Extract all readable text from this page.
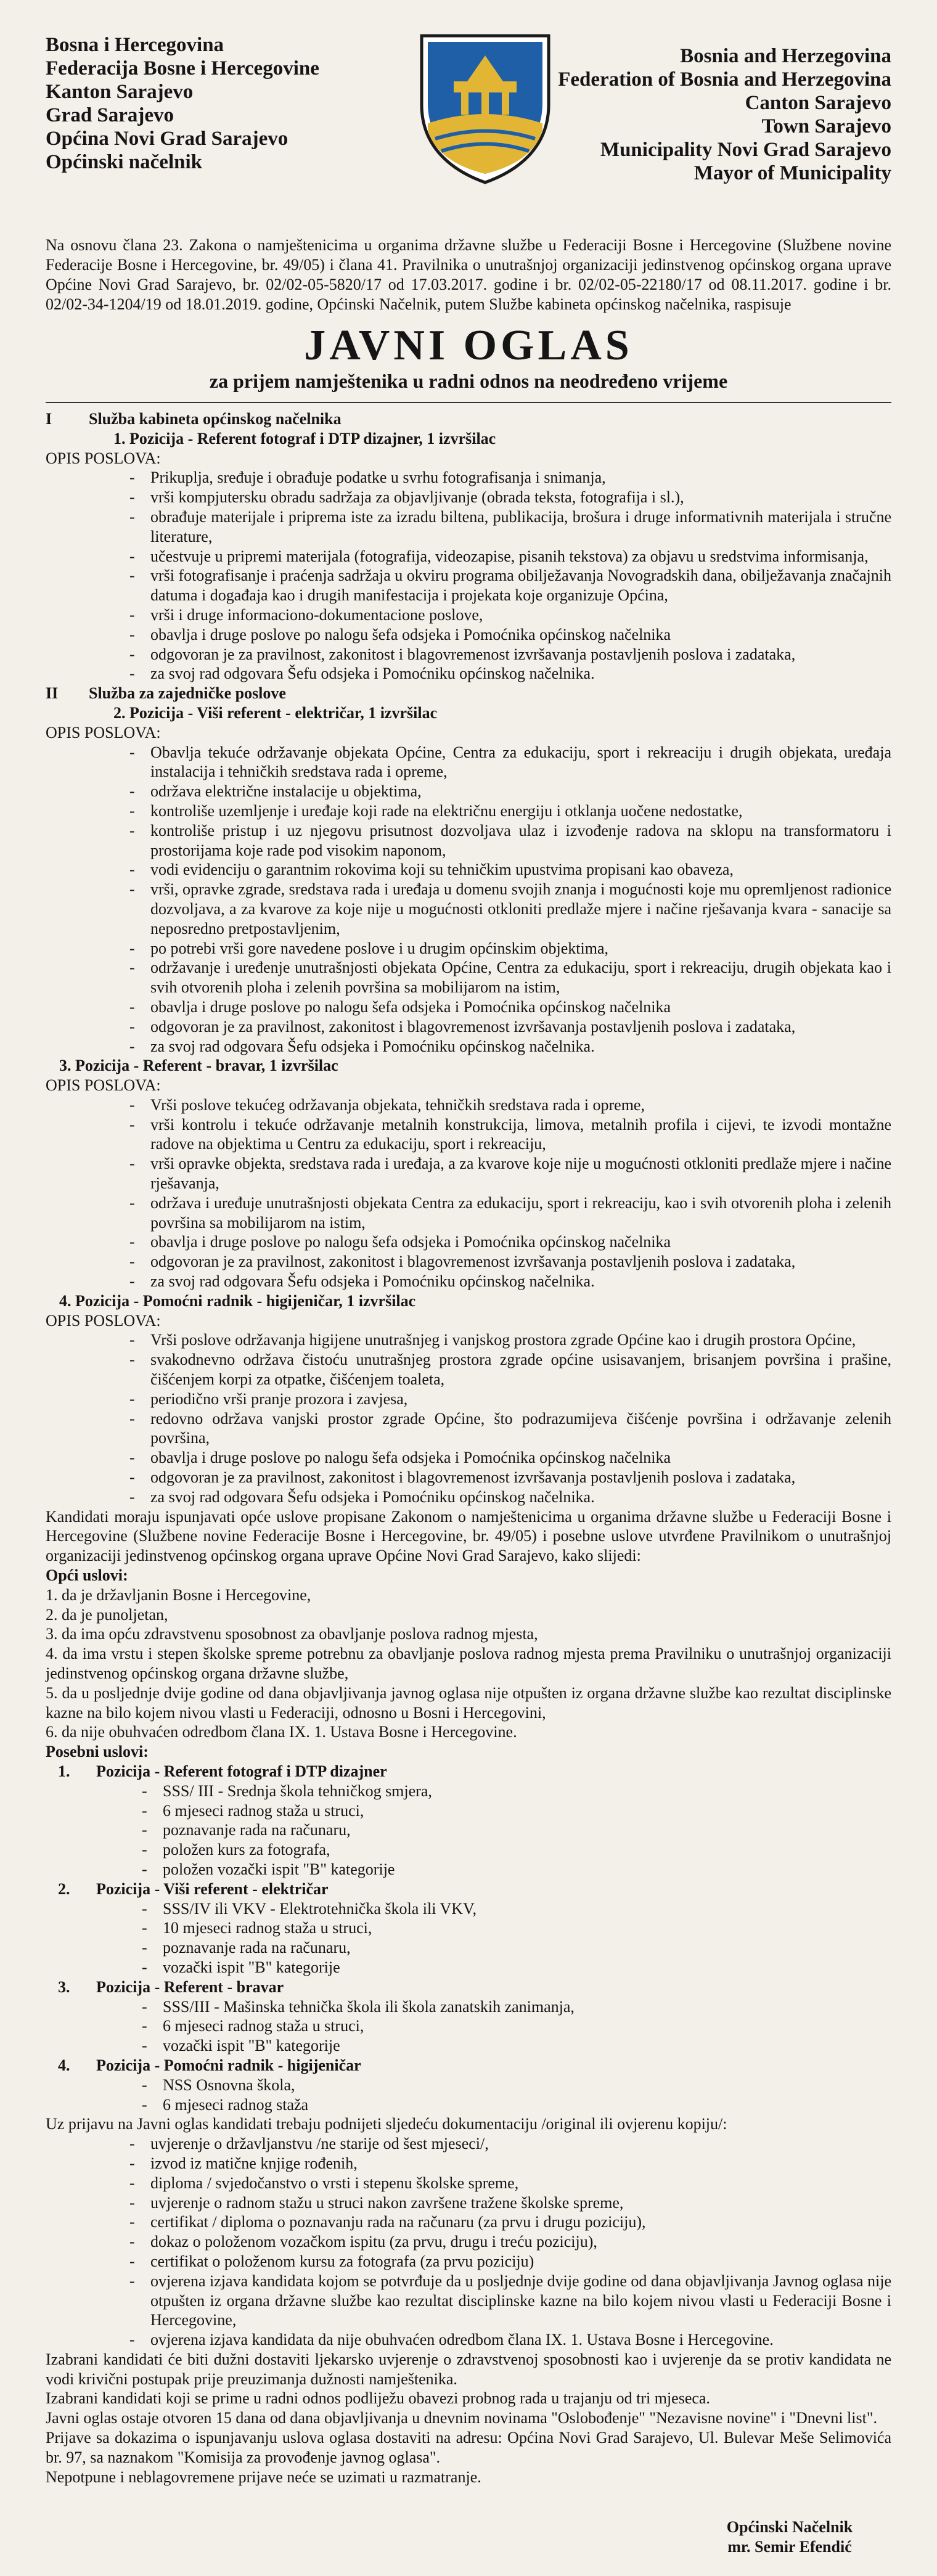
Bosna i Hercegovina
Federacija Bosne i Hercegovine
Kanton Sarajevo
Grad Sarajevo
Općina Novi Grad Sarajevo
Općinski načelnik
Bosnia and Herzegovina
Federation of Bosnia and Herzegovina
Canton Sarajevo
Town Sarajevo
Municipality Novi Grad Sarajevo
Mayor of Municipality
Na osnovu člana 23. Zakona o namještenicima u organima državne službe u Federaciji Bosne i Hercegovine (Službene novine Federacije Bosne i Hercegovine, br. 49/05) i člana 41. Pravilnika o unutrašnjoj organizaciji jedinstvenog općinskog organa uprave Općine Novi Grad Sarajevo, br. 02/02-05-5820/17 od 17.03.2017. godine i br. 02/02-05-22180/17 od 08.11.2017. godine i br. 02/02-34-1204/19 od 18.01.2019. godine, Općinski Načelnik, putem Službe kabineta općinskog načelnika, raspisuje
JAVNI OGLAS
za prijem namještenika u radni odnos na neodređeno vrijeme
I	Služba kabineta općinskog načelnika
1. Pozicija - Referent fotograf i DTP dizajner, 1 izvršilac
OPIS POSLOVA:
- Prikuplja, sređuje i obrađuje podatke u svrhu fotografisanja i snimanja,
- vrši kompjutersku obradu sadržaja za objavljivanje (obrada teksta, fotografija i sl.),
- obrađuje materijale i priprema iste za izradu biltena, publikacija, brošura i druge informativnih materijala i stručne literature,
- učestvuje u pripremi materijala (fotografija, videozapise, pisanih tekstova) za objavu u sredstvima informisanja,
- vrši fotografisanje i praćenja sadržaja u okviru programa obilježavanja Novogradskih dana, obilježavanja značajnih datuma i događaja kao i drugih manifestacija i projekata koje organizuje Općina,
- vrši i druge informaciono-dokumentacione poslove,
- obavlja i druge poslove po nalogu šefa odsjeka i Pomoćnika općinskog načelnika
- odgovoran je za pravilnost, zakonitost i blagovremenost izvršavanja postavljenih poslova i zadataka,
- za svoj rad odgovara Šefu odsjeka i Pomoćniku općinskog načelnika.
II	Služba za zajedničke poslove
2. Pozicija - Viši referent - električar, 1 izvršilac
OPIS POSLOVA:
- Obavlja tekuće održavanje objekata Općine, Centra za edukaciju, sport i rekreaciju i drugih objekata, uređaja instalacija i tehničkih sredstava rada i opreme,
- održava električne instalacije u objektima,
- kontroliše uzemljenje i uređaje koji rade na električnu energiju i otklanja uočene nedostatke,
- kontroliše pristup i uz njegovu prisutnost dozvoljava ulaz i izvođenje radova na sklopu na transformatoru i prostorijama koje rade pod visokim naponom,
- vodi evidenciju o garantnim rokovima koji su tehničkim upustvima propisani kao obaveza,
- vrši, opravke zgrade, sredstava rada i uređaja u domenu svojih znanja i mogućnosti koje mu opremljenost radionice dozvoljava, a za kvarove za koje nije u mogućnosti otkloniti predlaže mjere i načine rješavanja kvara - sanacije sa neposredno pretpostavljenim,
- po potrebi vrši gore navedene poslove i u drugim općinskim objektima,
- održavanje i uređenje unutrašnjosti objekata Općine, Centra za edukaciju, sport i rekreaciju, drugih objekata kao i svih otvorenih ploha i zelenih površina sa mobilijarom na istim,
- obavlja i druge poslove po nalogu šefa odsjeka i Pomoćnika općinskog načelnika
- odgovoran je za pravilnost, zakonitost i blagovremenost izvršavanja postavljenih poslova i zadataka,
- za svoj rad odgovara Šefu odsjeka i Pomoćniku općinskog načelnika.
3. Pozicija - Referent - bravar, 1 izvršilac
OPIS POSLOVA:
- Vrši poslove tekućeg održavanja objekata, tehničkih sredstava rada i opreme,
- vrši kontrolu i tekuće održavanje metalnih konstrukcija, limova, metalnih profila i cijevi, te izvodi montažne radove na objektima u Centru za edukaciju, sport i rekreaciju,
- vrši opravke objekta, sredstava rada i uređaja, a za kvarove koje nije u mogućnosti otkloniti predlaže mjere i načine rješavanja,
- održava i uređuje unutrašnjosti objekata Centra za edukaciju, sport i rekreaciju, kao i svih otvorenih ploha i zelenih površina sa mobilijarom na istim,
- obavlja i druge poslove po nalogu šefa odsjeka i Pomoćnika općinskog načelnika
- odgovoran je za pravilnost, zakonitost i blagovremenost izvršavanja postavljenih poslova i zadataka,
- za svoj rad odgovara Šefu odsjeka i Pomoćniku općinskog načelnika.
4. Pozicija - Pomoćni radnik - higijeničar, 1 izvršilac
OPIS POSLOVA:
- Vrši poslove održavanja higijene unutrašnjeg i vanjskog prostora zgrade Općine kao i drugih prostora Općine,
- svakodnevno održava čistoću unutrašnjeg prostora zgrade općine usisavanjem, brisanjem površina i prašine, čišćenjem korpi za otpatke, čišćenjem toaleta,
- periodično vrši pranje prozora i zavjesa,
- redovno održava vanjski prostor zgrade Općine, što podrazumijeva čišćenje površina i održavanje zelenih površina,
- obavlja i druge poslove po nalogu šefa odsjeka i Pomoćnika općinskog načelnika
- odgovoran je za pravilnost, zakonitost i blagovremenost izvršavanja postavljenih poslova i zadataka,
- za svoj rad odgovara Šefu odsjeka i Pomoćniku općinskog načelnika.
Kandidati moraju ispunjavati opće uslove propisane Zakonom o namještenicima u organima državne službe u Federaciji Bosne i Hercegovine (Službene novine Federacije Bosne i Hercegovine, br. 49/05) i posebne uslove utvrđene Pravilnikom o unutrašnjoj organizaciji jedinstvenog općinskog organa uprave Općine Novi Grad Sarajevo, kako slijedi:
Opći uslovi:
1. da je državljanin Bosne i Hercegovine,
2. da je punoljetan,
3. da ima opću zdravstvenu sposobnost za obavljanje poslova radnog mjesta,
4. da ima vrstu i stepen školske spreme potrebnu za obavljanje poslova radnog mjesta prema Pravilniku o unutrašnjoj organizaciji jedinstvenog općinskog organa državne službe,
5. da u posljednje dvije godine od dana objavljivanja javnog oglasa nije otpušten iz organa državne službe kao rezultat disciplinske kazne na bilo kojem nivou vlasti u Federaciji, odnosno u Bosni i Hercegovini,
6. da nije obuhvaćen odredbom člana IX. 1. Ustava Bosne i Hercegovine.
Posebni uslovi:
1.	Pozicija - Referent fotograf i DTP dizajner
- SSS/ III - Srednja škola tehničkog smjera,
- 6 mjeseci radnog staža u struci,
- poznavanje rada na računaru,
- položen kurs za fotografa,
- položen vozački ispit "B" kategorije
2.	Pozicija - Viši referent - električar
- SSS/IV ili VKV - Elektrotehnička škola ili VKV,
- 10 mjeseci radnog staža u struci,
- poznavanje rada na računaru,
- vozački ispit "B" kategorije
3.	Pozicija - Referent - bravar
- SSS/III - Mašinska tehnička škola ili škola zanatskih zanimanja,
- 6 mjeseci radnog staža u struci,
- vozački ispit "B" kategorije
4.	Pozicija - Pomoćni radnik - higijeničar
- NSS Osnovna škola,
- 6 mjeseci radnog staža
Uz prijavu na Javni oglas kandidati trebaju podnijeti sljedeću dokumentaciju /original ili ovjerenu kopiju/:
- uvjerenje o državljanstvu /ne starije od šest mjeseci/,
- izvod iz matične knjige rođenih,
- diploma / svjedočanstvo o vrsti i stepenu školske spreme,
- uvjerenje o radnom stažu u struci nakon završene tražene školske spreme,
- certifikat / diploma o poznavanju rada na računaru (za prvu i drugu poziciju),
- dokaz o položenom vozačkom ispitu (za prvu, drugu i treću poziciju),
- certifikat o položenom kursu za fotografa (za prvu poziciju)
- ovjerena izjava kandidata kojom se potvrđuje da u posljednje dvije godine od dana objavljivanja Javnog oglasa nije otpušten iz organa državne službe kao rezultat disciplinske kazne na bilo kojem nivou vlasti u Federaciji Bosne i Hercegovine,
- ovjerena izjava kandidata da nije obuhvaćen odredbom člana IX. 1. Ustava Bosne i Hercegovine.
Izabrani kandidati će biti dužni dostaviti ljekarsko uvjerenje o zdravstvenoj sposobnosti kao i uvjerenje da se protiv kandidata ne vodi krivični postupak prije preuzimanja dužnosti namještenika.
Izabrani kandidati koji se prime u radni odnos podliježu obavezi probnog rada u trajanju od tri mjeseca.
Javni oglas ostaje otvoren 15 dana od dana objavljivanja u dnevnim novinama "Oslobođenje" "Nezavisne novine" i "Dnevni list".
Prijave sa dokazima o ispunjavanju uslova oglasa dostaviti na adresu: Općina Novi Grad Sarajevo, Ul. Bulevar Meše Selimovića br. 97, sa naznakom "Komisija za provođenje javnog oglasa".
Nepotpune i neblagovremene prijave neće se uzimati u razmatranje.
Općinski Načelnik
mr. Semir Efendić
